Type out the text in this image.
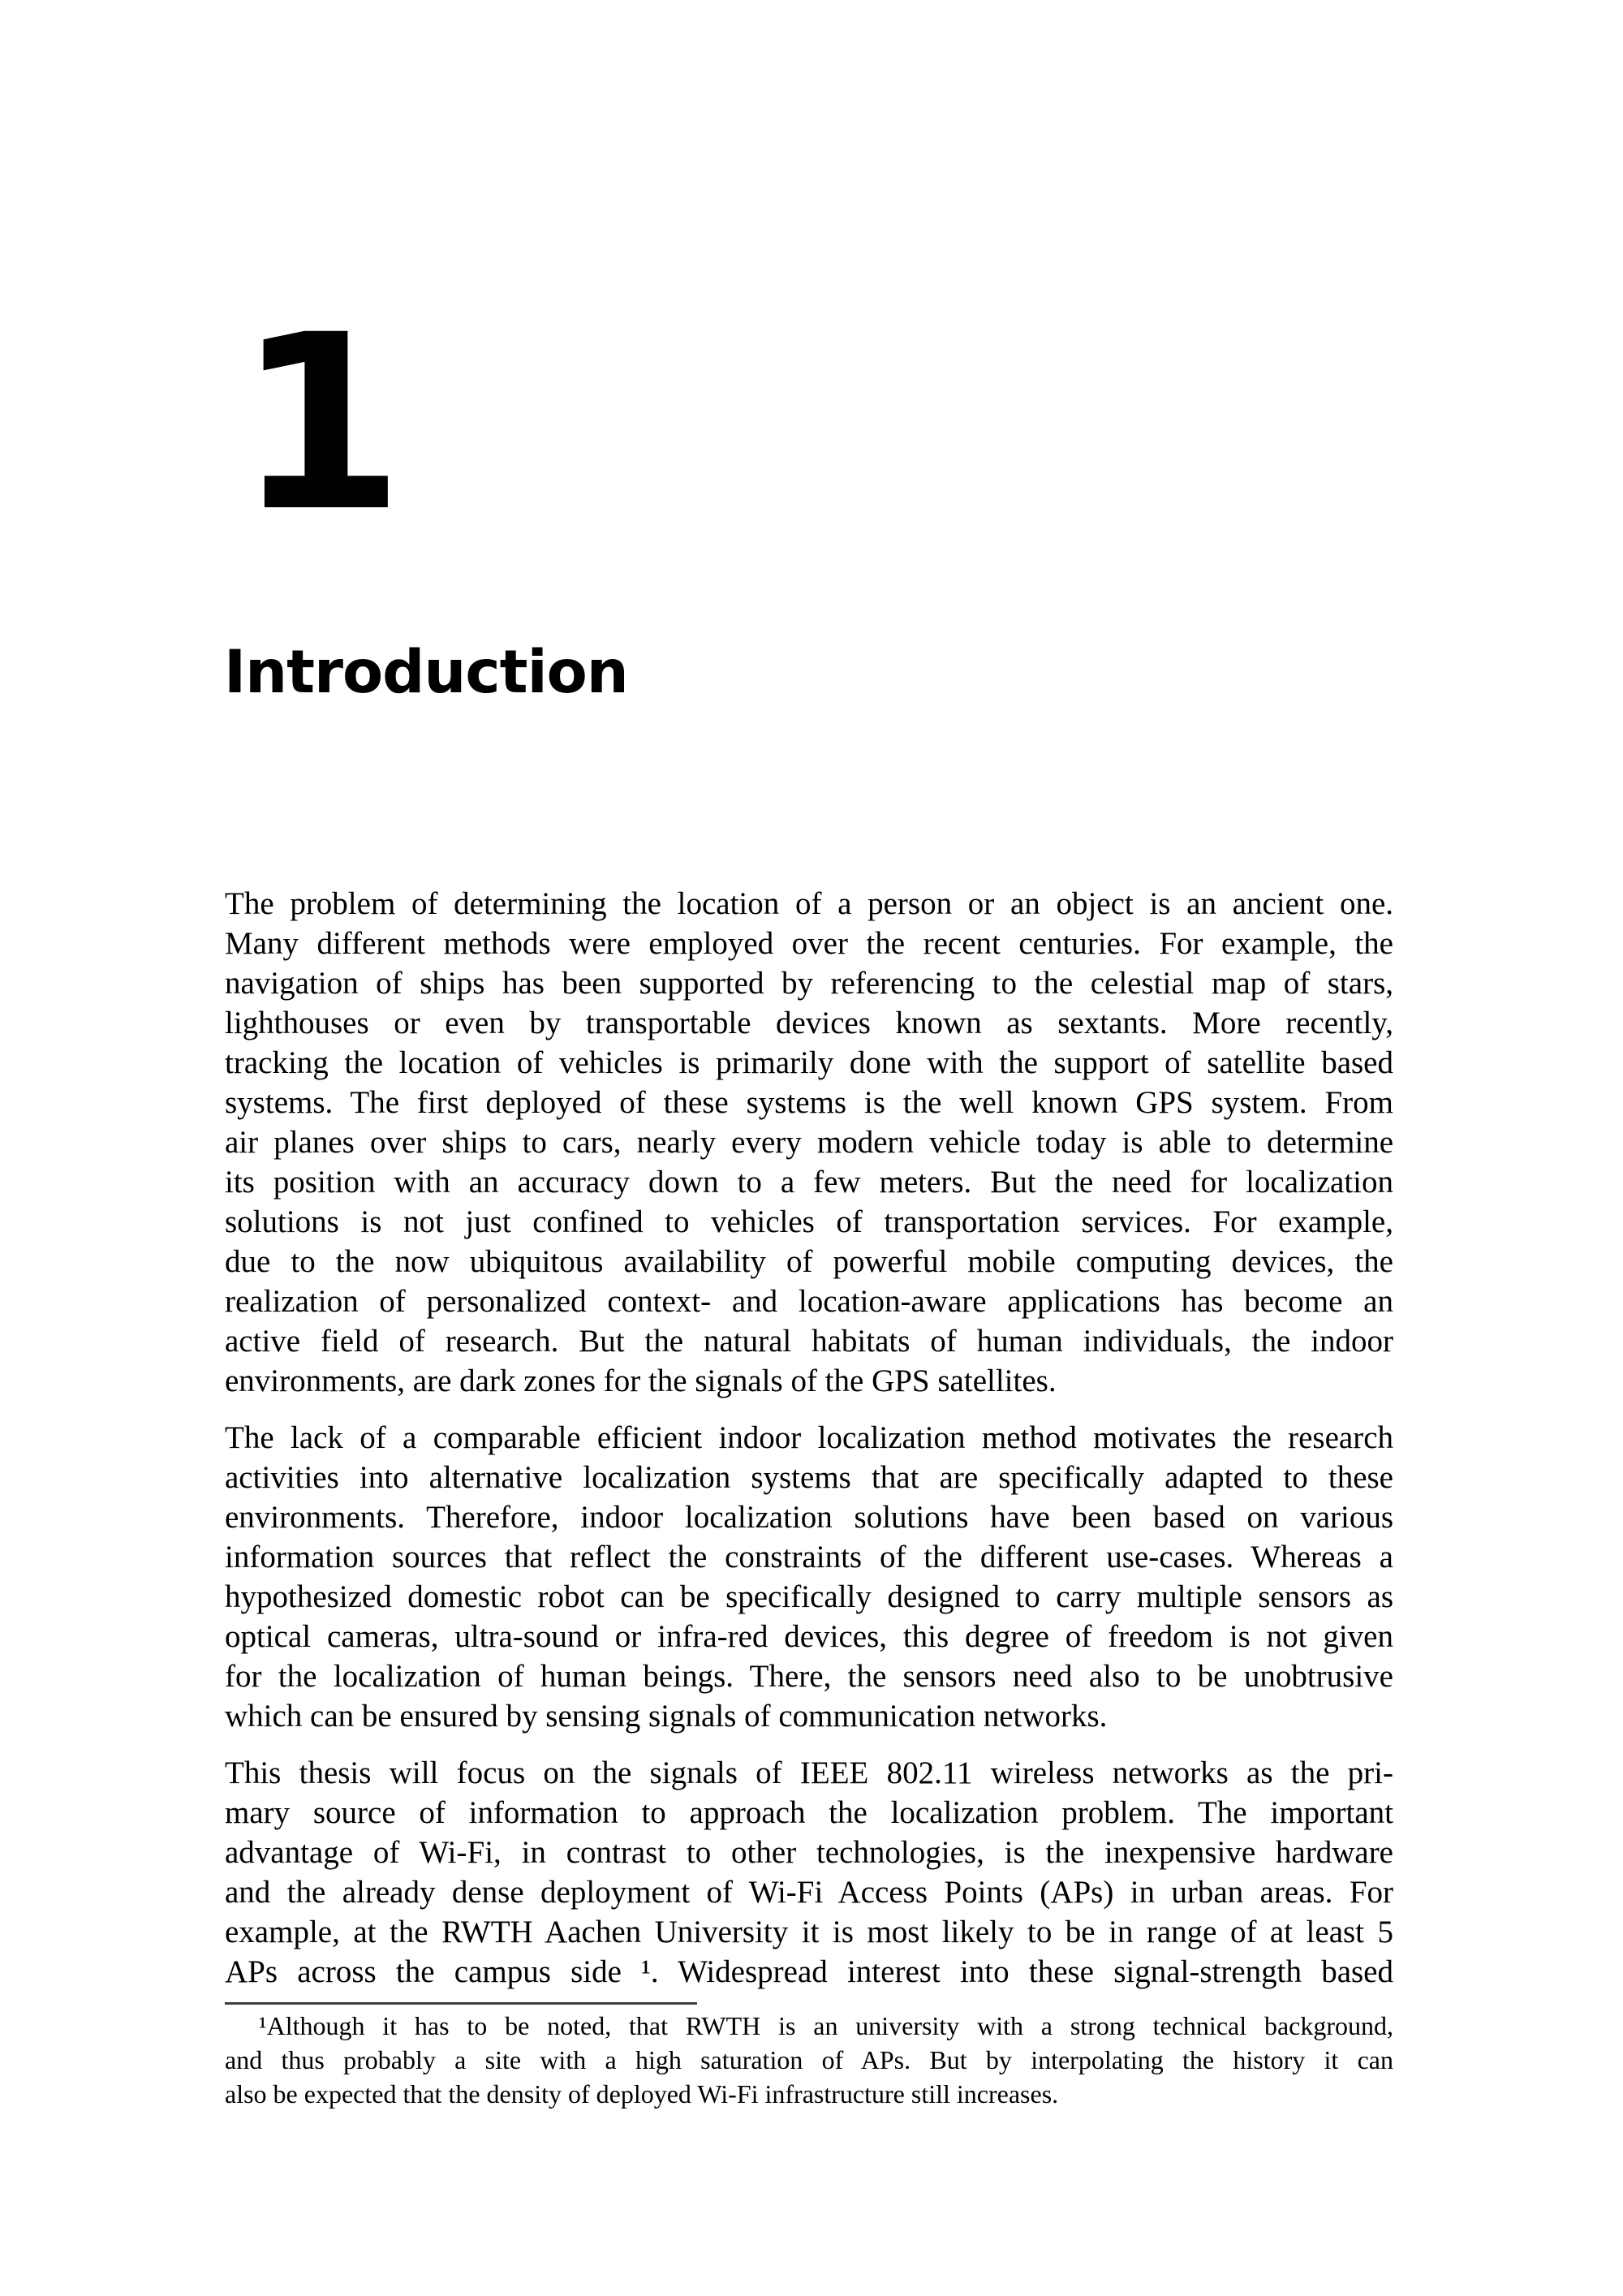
1
Introduction
The problem of determining the location of a person or an object is an ancient one.
Many different methods were employed over the recent centuries. For example, the
navigation of ships has been supported by referencing to the celestial map of stars,
lighthouses or even by transportable devices known as sextants. More recently,
tracking the location of vehicles is primarily done with the support of satellite based
systems. The first deployed of these systems is the well known GPS system. From
air planes over ships to cars, nearly every modern vehicle today is able to determine
its position with an accuracy down to a few meters. But the need for localization
solutions is not just confined to vehicles of transportation services. For example,
due to the now ubiquitous availability of powerful mobile computing devices, the
realization of personalized context- and location-aware applications has become an
active field of research. But the natural habitats of human individuals, the indoor
environments, are dark zones for the signals of the GPS satellites.
The lack of a comparable efficient indoor localization method motivates the research
activities into alternative localization systems that are specifically adapted to these
environments. Therefore, indoor localization solutions have been based on various
information sources that reflect the constraints of the different use-cases. Whereas a
hypothesized domestic robot can be specifically designed to carry multiple sensors as
optical cameras, ultra-sound or infra-red devices, this degree of freedom is not given
for the localization of human beings. There, the sensors need also to be unobtrusive
which can be ensured by sensing signals of communication networks.
This thesis will focus on the signals of IEEE 802.11 wireless networks as the pri-
mary source of information to approach the localization problem. The important
advantage of Wi-Fi, in contrast to other technologies, is the inexpensive hardware
and the already dense deployment of Wi-Fi Access Points (APs) in urban areas. For
example, at the RWTH Aachen University it is most likely to be in range of at least 5
APs across the campus side ¹. Widespread interest into these signal-strength based
¹Although it has to be noted, that RWTH is an university with a strong technical background,
and thus probably a site with a high saturation of APs. But by interpolating the history it can
also be expected that the density of deployed Wi-Fi infrastructure still increases.
